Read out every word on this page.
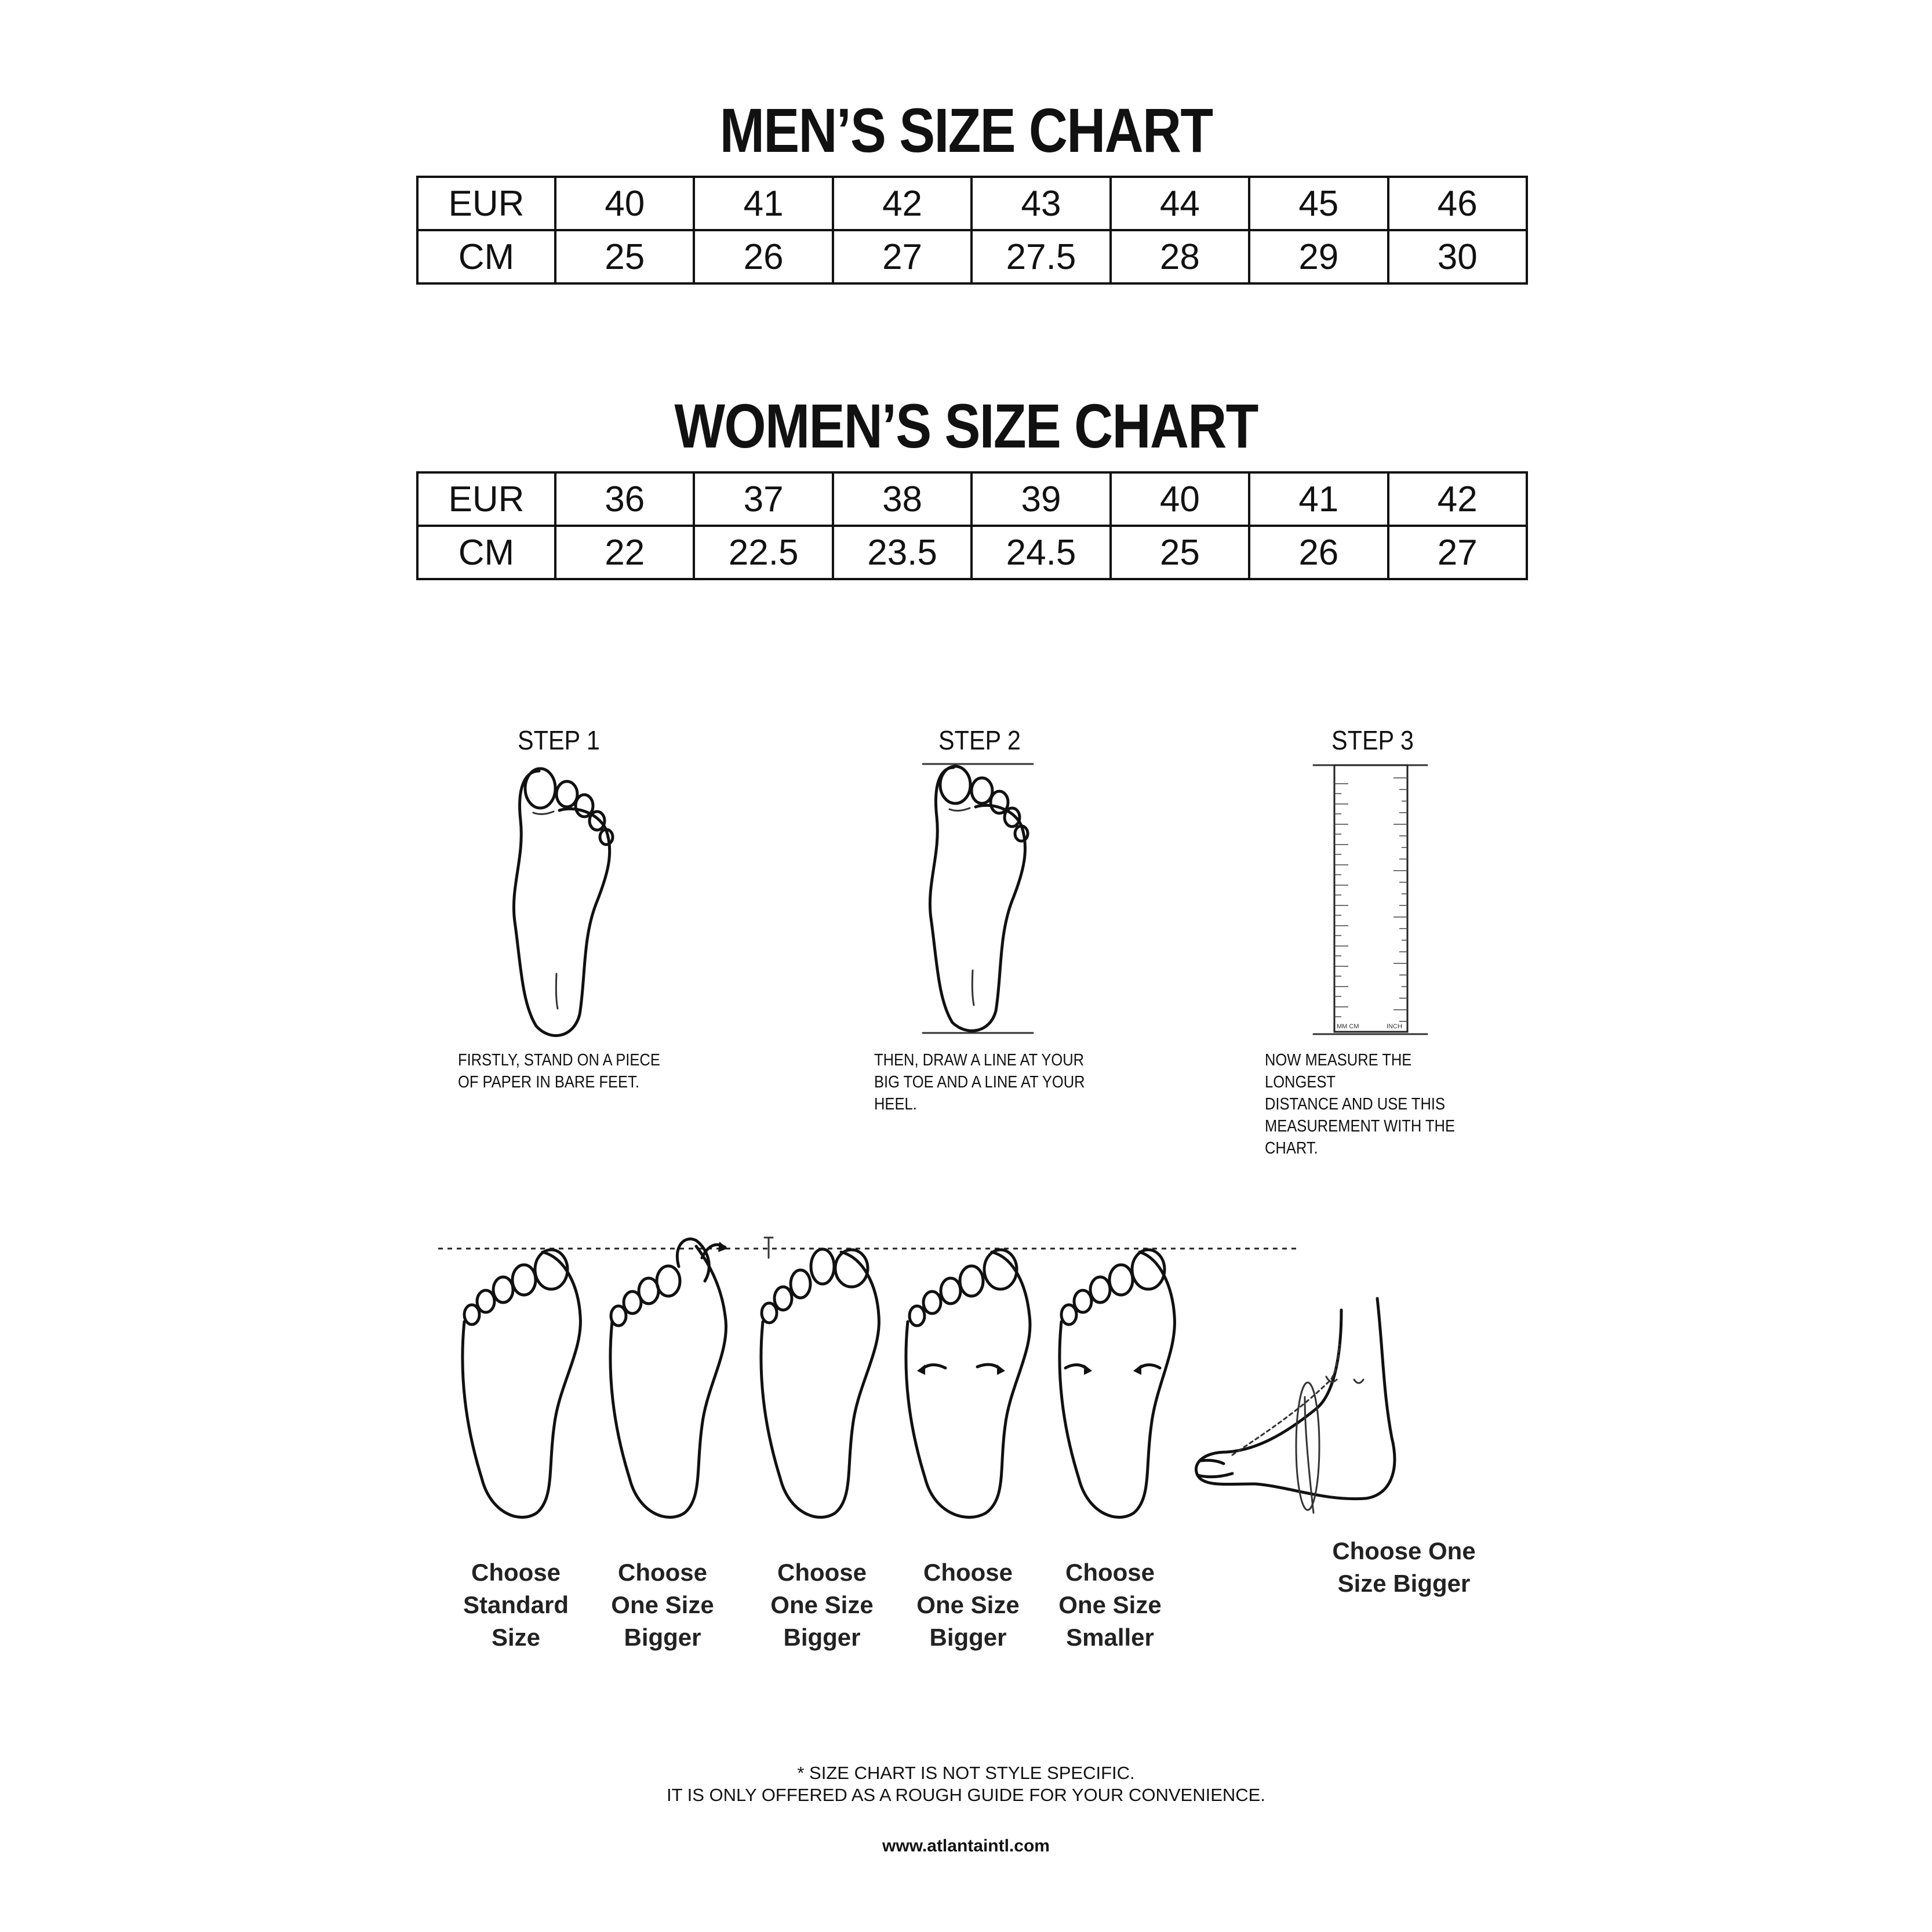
MEN’S SIZE CHART
EUR	40	41	42	43	44	45	46
CM	25	26	27	27.5	28	29	30
WOMEN’S SIZE CHART
EUR	36	37	38	39	40	41	42
CM	22	22.5	23.5	24.5	25	26	27
STEP 1	STEP 2	STEP 3
MM CM	INCH
FIRSTLY, STAND ON A PIECE
OF PAPER IN BARE FEET.
THEN, DRAW A LINE AT YOUR
BIG TOE AND A LINE AT YOUR
HEEL.
NOW MEASURE THE LONGEST
DISTANCE AND USE THIS
MEASUREMENT WITH THE
CHART.
Choose
Standard
Size
Choose
One Size
Bigger
Choose
One Size
Bigger
Choose
One Size
Bigger
Choose
One Size
Smaller
Choose One
Size Bigger
* SIZE CHART IS NOT STYLE SPECIFIC.
IT IS ONLY OFFERED AS A ROUGH GUIDE FOR YOUR CONVENIENCE.
www.atlantaintl.com
